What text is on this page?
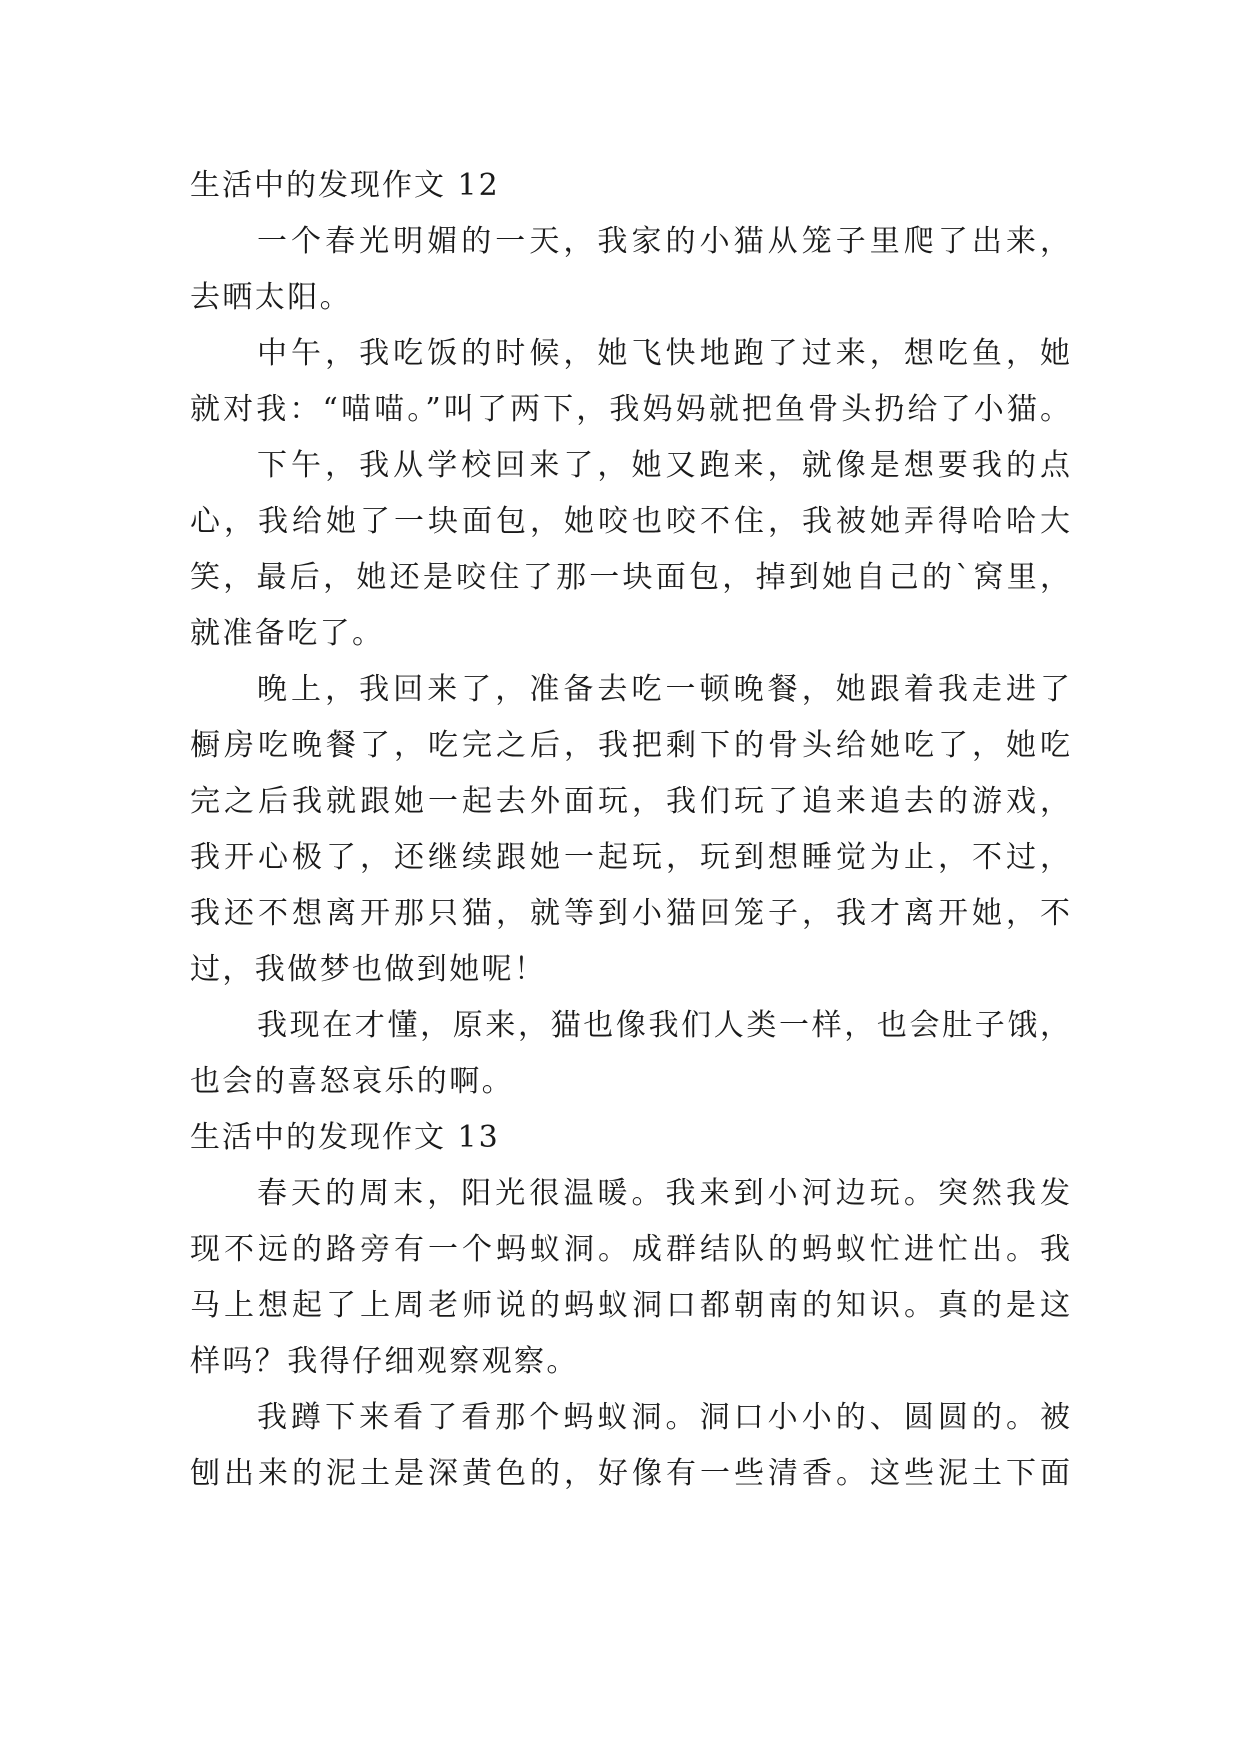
生活中的发现作文 12
一个春光明媚的一天，我家的小猫从笼子里爬了出来，
去晒太阳。
中午，我吃饭的时候，她飞快地跑了过来，想吃鱼，她
就对我：“喵喵。”叫了两下，我妈妈就把鱼骨头扔给了小猫。
下午，我从学校回来了，她又跑来，就像是想要我的点
心，我给她了一块面包，她咬也咬不住，我被她弄得哈哈大
笑，最后，她还是咬住了那一块面包，掉到她自己的`窝里，
就准备吃了。
晚上，我回来了，准备去吃一顿晚餐，她跟着我走进了
橱房吃晚餐了，吃完之后，我把剩下的骨头给她吃了，她吃
完之后我就跟她一起去外面玩，我们玩了追来追去的游戏，
我开心极了，还继续跟她一起玩，玩到想睡觉为止，不过，
我还不想离开那只猫，就等到小猫回笼子，我才离开她，不
过，我做梦也做到她呢！
我现在才懂，原来，猫也像我们人类一样，也会肚子饿，
也会的喜怒哀乐的啊。
生活中的发现作文 13
春天的周末，阳光很温暖。我来到小河边玩。突然我发
现不远的路旁有一个蚂蚁洞。成群结队的蚂蚁忙进忙出。我
马上想起了上周老师说的蚂蚁洞口都朝南的知识。真的是这
样吗？我得仔细观察观察。
我蹲下来看了看那个蚂蚁洞。洞口小小的、圆圆的。被
刨出来的泥土是深黄色的，好像有一些清香。这些泥土下面
